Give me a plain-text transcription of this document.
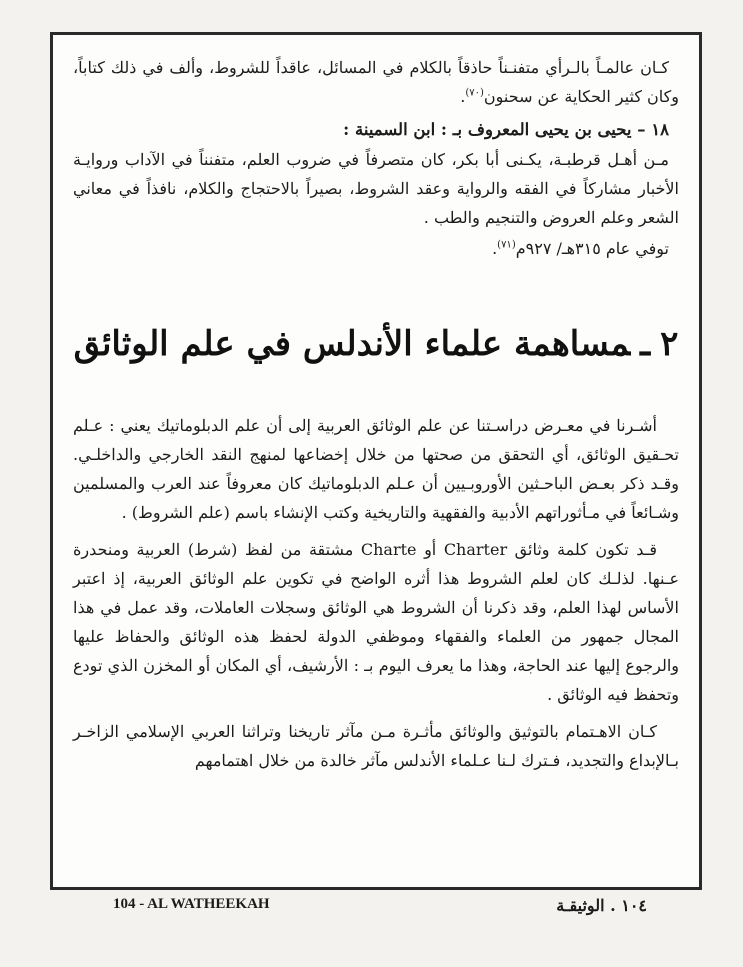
كـان عالمـاً بالـرأي متفنـناً حاذقاً بالكلام في المسائل، عاقداً للشروط، وألف في ذلك كتاباً، وكان كثير الحكاية عن سحنون$^{(٧٠)}$.

١٨ – يحيى بن يحيى المعروف بـ : ابن السمينة :

مـن أهـل قرطبـة، يكـنى أبا بكر، كان متصرفاً في ضروب العلم، متفنناً في الآداب وروايـة الأخبار مشاركاً في الفقه والرواية وعقد الشروط، بصيراً بالاحتجاج والكلام، نافذاً في معاني الشعر وعلم العروض والتنجيم والطب .

توفي عام ٣١٥هـ/ ٩٢٧م$^{(٧١)}$.

٢ـمساهمة علماء الأندلس في علم الوثائق

أشـرنا في معـرض دراسـتنا عن علم الوثائق العربية إلى أن علم الدبلوماتيك يعني : عـلم تحـقيق الوثائق، أي التحقق من صحتها من خلال إخضاعها لمنهج النقد الخارجي والداخلـي. وقـد ذكر بعـض الباحـثين الأوروبـيين أن عـلم الدبلوماتيك كان معروفاً عند العرب والمسلمين وشـائعاً في مـأثوراتهم الأدبية والفقهية والتاريخية وكتب الإنشاء باسم (علم الشروط) .

قـد تكون كلمة وثائق Charter أو Charte مشتقة من لفظ (شرط) العربية ومنحدرة عـنها. لذلـك كان لعلم الشروط هذا أثره الواضح في تكوين علم الوثائق العربية، إذ اعتبر الأساس لهذا العلم، وقد ذكرنا أن الشروط هي الوثائق وسجلات العاملات، وقد عمل في هذا المجال جمهور من العلماء والفقهاء وموظفي الدولة لحفظ هذه الوثائق والحفاظ عليها والرجوع إليها عند الحاجة، وهذا ما يعرف اليوم بـ : الأرشيف، أي المكان أو المخزن الذي تودع وتحفظ فيه الوثائق .

كـان الاهـتمام بالتوثيق والوثائق مأثـرة مـن مآثر تاريخنا وتراثنا العربي الإسلامي الزاخـر بـالإبداع والتجديد، فـترك لـنا عـلماء الأندلس مآثر خالدة من خلال اهتمامهم

104 - AL WATHEEKAH	١٠٤ . الوثيقـة
